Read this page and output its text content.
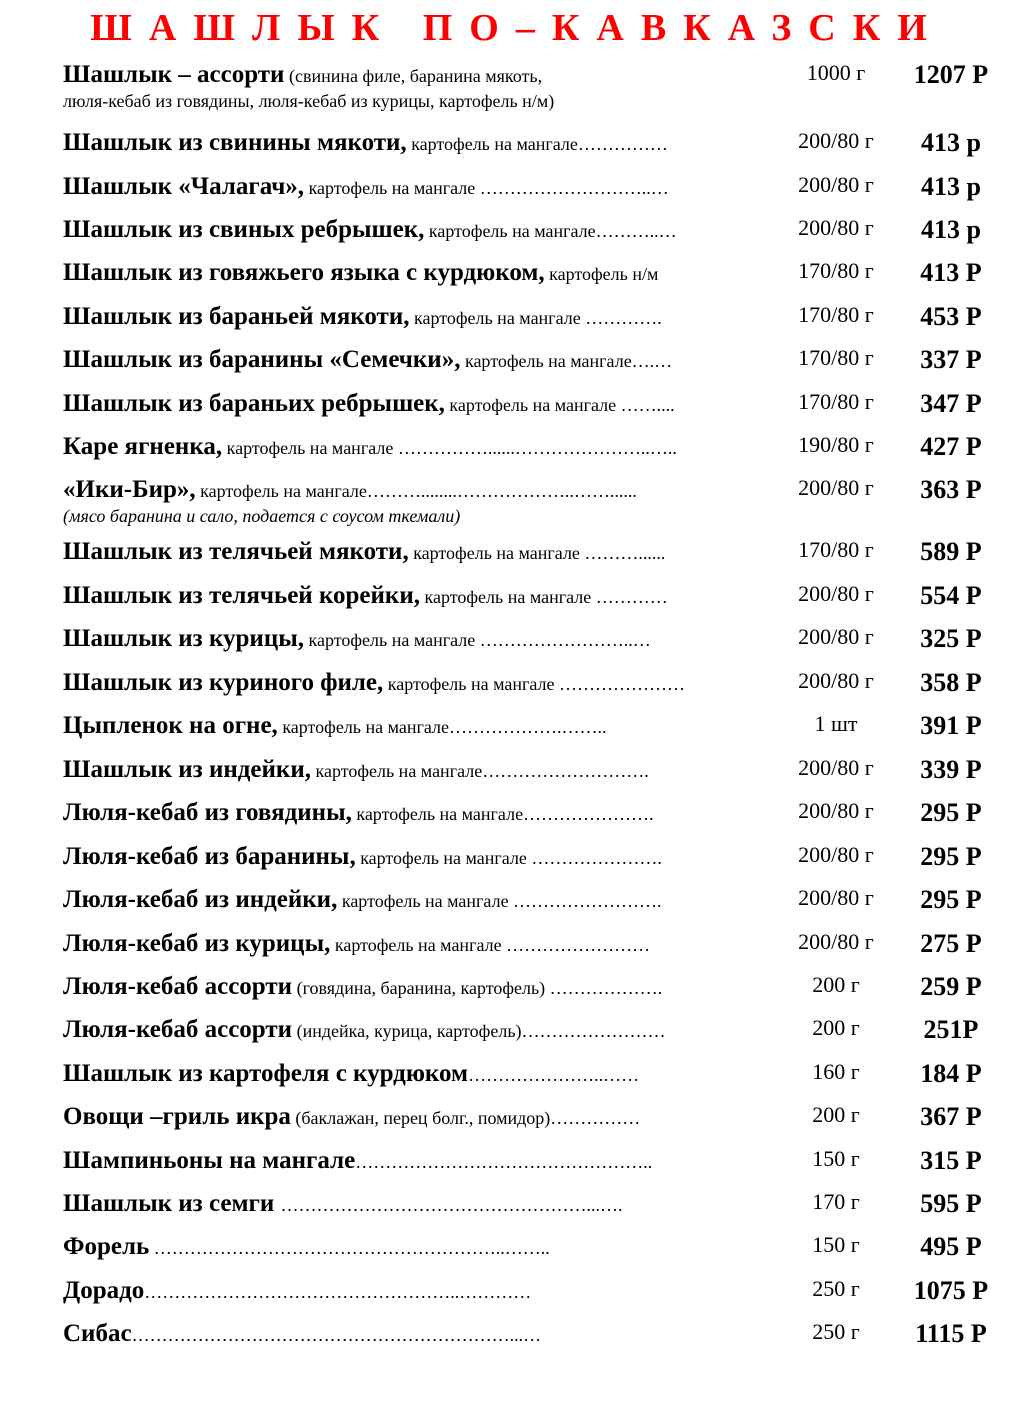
ШАШЛЫК ПО–КАВКАЗСКИ
Шашлык – ассорти (свинина филе, баранина мякоть,
люля-кебаб из говядины, люля-кебаб из курицы, картофель н/м)
1000 г	1207 Р
Шашлык из свинины мякоти, картофель на мангале……………	200/80 г	413 р
Шашлык «Чалагач», картофель на мангале ………………………..…	200/80 г	413 р
Шашлык из свиных ребрышек, картофель на мангале………..…	200/80 г	413 р
Шашлык из говяжьего языка с курдюком, картофель н/м	170/80 г	413 Р
Шашлык из бараньей мякоти, картофель на мангале ………….	170/80 г	453 Р
Шашлык из баранины «Семечки», картофель на мангале….…	170/80 г	337 Р
Шашлык из бараньих ребрышек, картофель на мангале ……....	170/80 г	347 Р
Каре ягненка, картофель на мангале ……………......…………………..…..	190/80 г	427 Р
«Ики-Бир», картофель на мангале………........………………..……......
(мясо баранина и сало, подается с соусом ткемали)
200/80 г	363 Р
Шашлык из телячьей мякоти, картофель на мангале ………......	170/80 г	589 Р
Шашлык из телячьей корейки, картофель на мангале …………	200/80 г	554 Р
Шашлык из курицы, картофель на мангале ……………………..…	200/80 г	325 Р
Шашлык из куриного филе, картофель на мангале …………………	200/80 г	358 Р
Цыпленок на огне, картофель на мангале……………….……..	1 шт	391 Р
Шашлык из индейки, картофель на мангале……………………….	200/80 г	339 Р
Люля-кебаб из говядины, картофель на мангале………………….	200/80 г	295 Р
Люля-кебаб из баранины, картофель на мангале ………………….	200/80 г	295 Р
Люля-кебаб из индейки, картофель на мангале …………………….	200/80 г	295 Р
Люля-кебаб из курицы, картофель на мангале ……………………	200/80 г	275 Р
Люля-кебаб ассорти (говядина, баранина, картофель) ……………….	200 г	259 Р
Люля-кебаб ассорти (индейка, курица, картофель)……………………	200 г	251Р
Шашлык из картофеля с курдюком…………………..……	160 г	184 Р
Овощи –гриль икра (баклажан, перец болг., помидор)……………	200 г	367 Р
Шампиньоны на мангале…………………………………………..	150 г	315 Р
Шашлык из семги ……………………………………………...….	170 г	595 Р
Форель …………………………………………………..……..	150 г	495 Р
Дорадо……………………………………………..…………	250 г	1075 Р
Сибас………………………………………………………...…	250 г	1115 Р
